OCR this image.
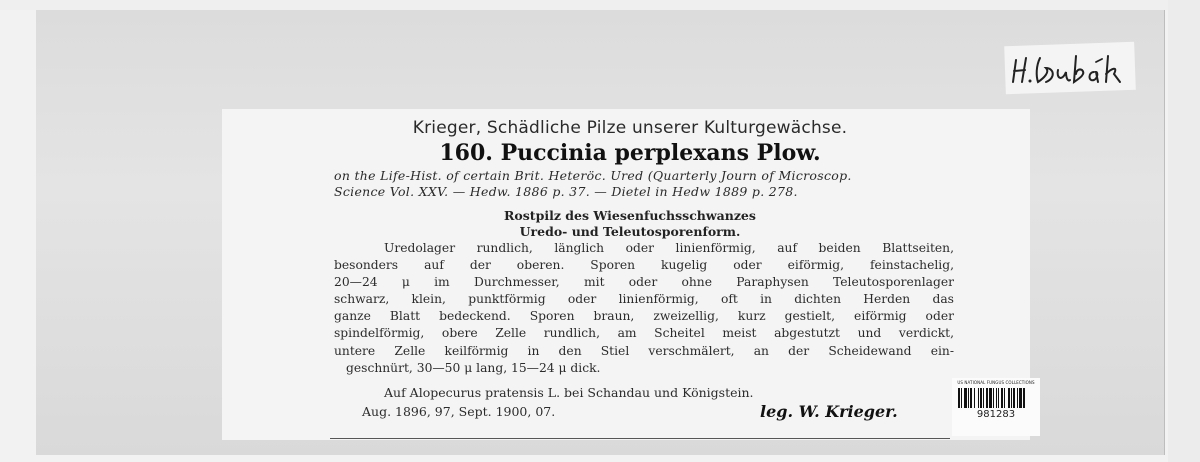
H. Bubák
Krieger, Schädliche Pilze unserer Kulturgewächse.
160. Puccinia perplexans Plow.
on the Life-Hist. of certain Brit. Heteröc. Ured (Quarterly Journ of Microscop.
Science Vol. XXV. — Hedw. 1886 p. 37. — Dietel in Hedw 1889 p. 278.
Rostpilz des Wiesenfuchsschwanzes
Uredo- und Teleutosporenform.
Uredolager rundlich, länglich oder linienförmig, auf beiden Blattseiten,
besonders auf der oberen. Sporen kugelig oder eiförmig, feinstachelig,
20—24 μ im Durchmesser, mit oder ohne Paraphysen Teleutosporenlager
schwarz, klein, punktförmig oder linienförmig, oft in dichten Herden das
ganze Blatt bedeckend. Sporen braun, zweizellig, kurz gestielt, eiförmig oder
spindelförmig, obere Zelle rundlich, am Scheitel meist abgestutzt und verdickt,
untere Zelle keilförmig in den Stiel verschmälert, an der Scheidewand ein-
geschnürt, 30—50 μ lang, 15—24 μ dick.
Auf Alopecurus pratensis L. bei Schandau und Königstein.
Aug. 1896, 97, Sept. 1900, 07.	leg. W. Krieger.
US NATIONAL FUNGUS COLLECTIONS
981283
